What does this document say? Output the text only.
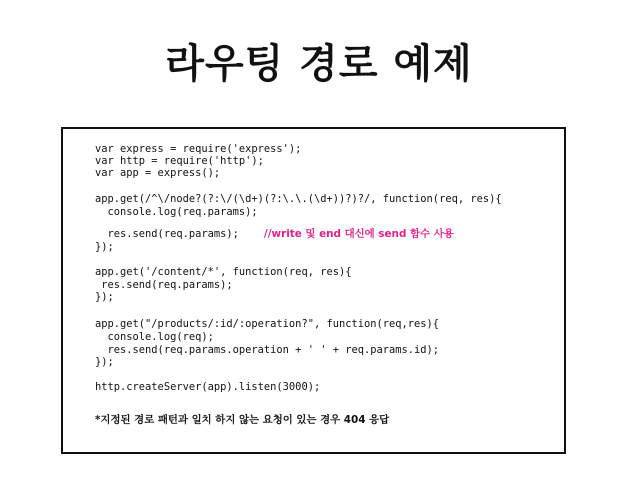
라우팅 경로 예제
var express = require('express');
var http = require('http');
var app = express();
app.get(/^\/node?(?:\/(\d+)(?:\.\.(\d+))?)?/, function(req, res){
console.log(req.params);
res.send(req.params); //write 및 end 대신에 send 함수 사용
});
app.get('/content/*', function(req, res){
res.send(req.params);
});
app.get("/products/:id/:operation?", function(req,res){
console.log(req);
res.send(req.params.operation + ' ' + req.params.id);
});
http.createServer(app).listen(3000);
*지정된 경로 패턴과 일치 하지 않는 요청이 있는 경우 404 응답
